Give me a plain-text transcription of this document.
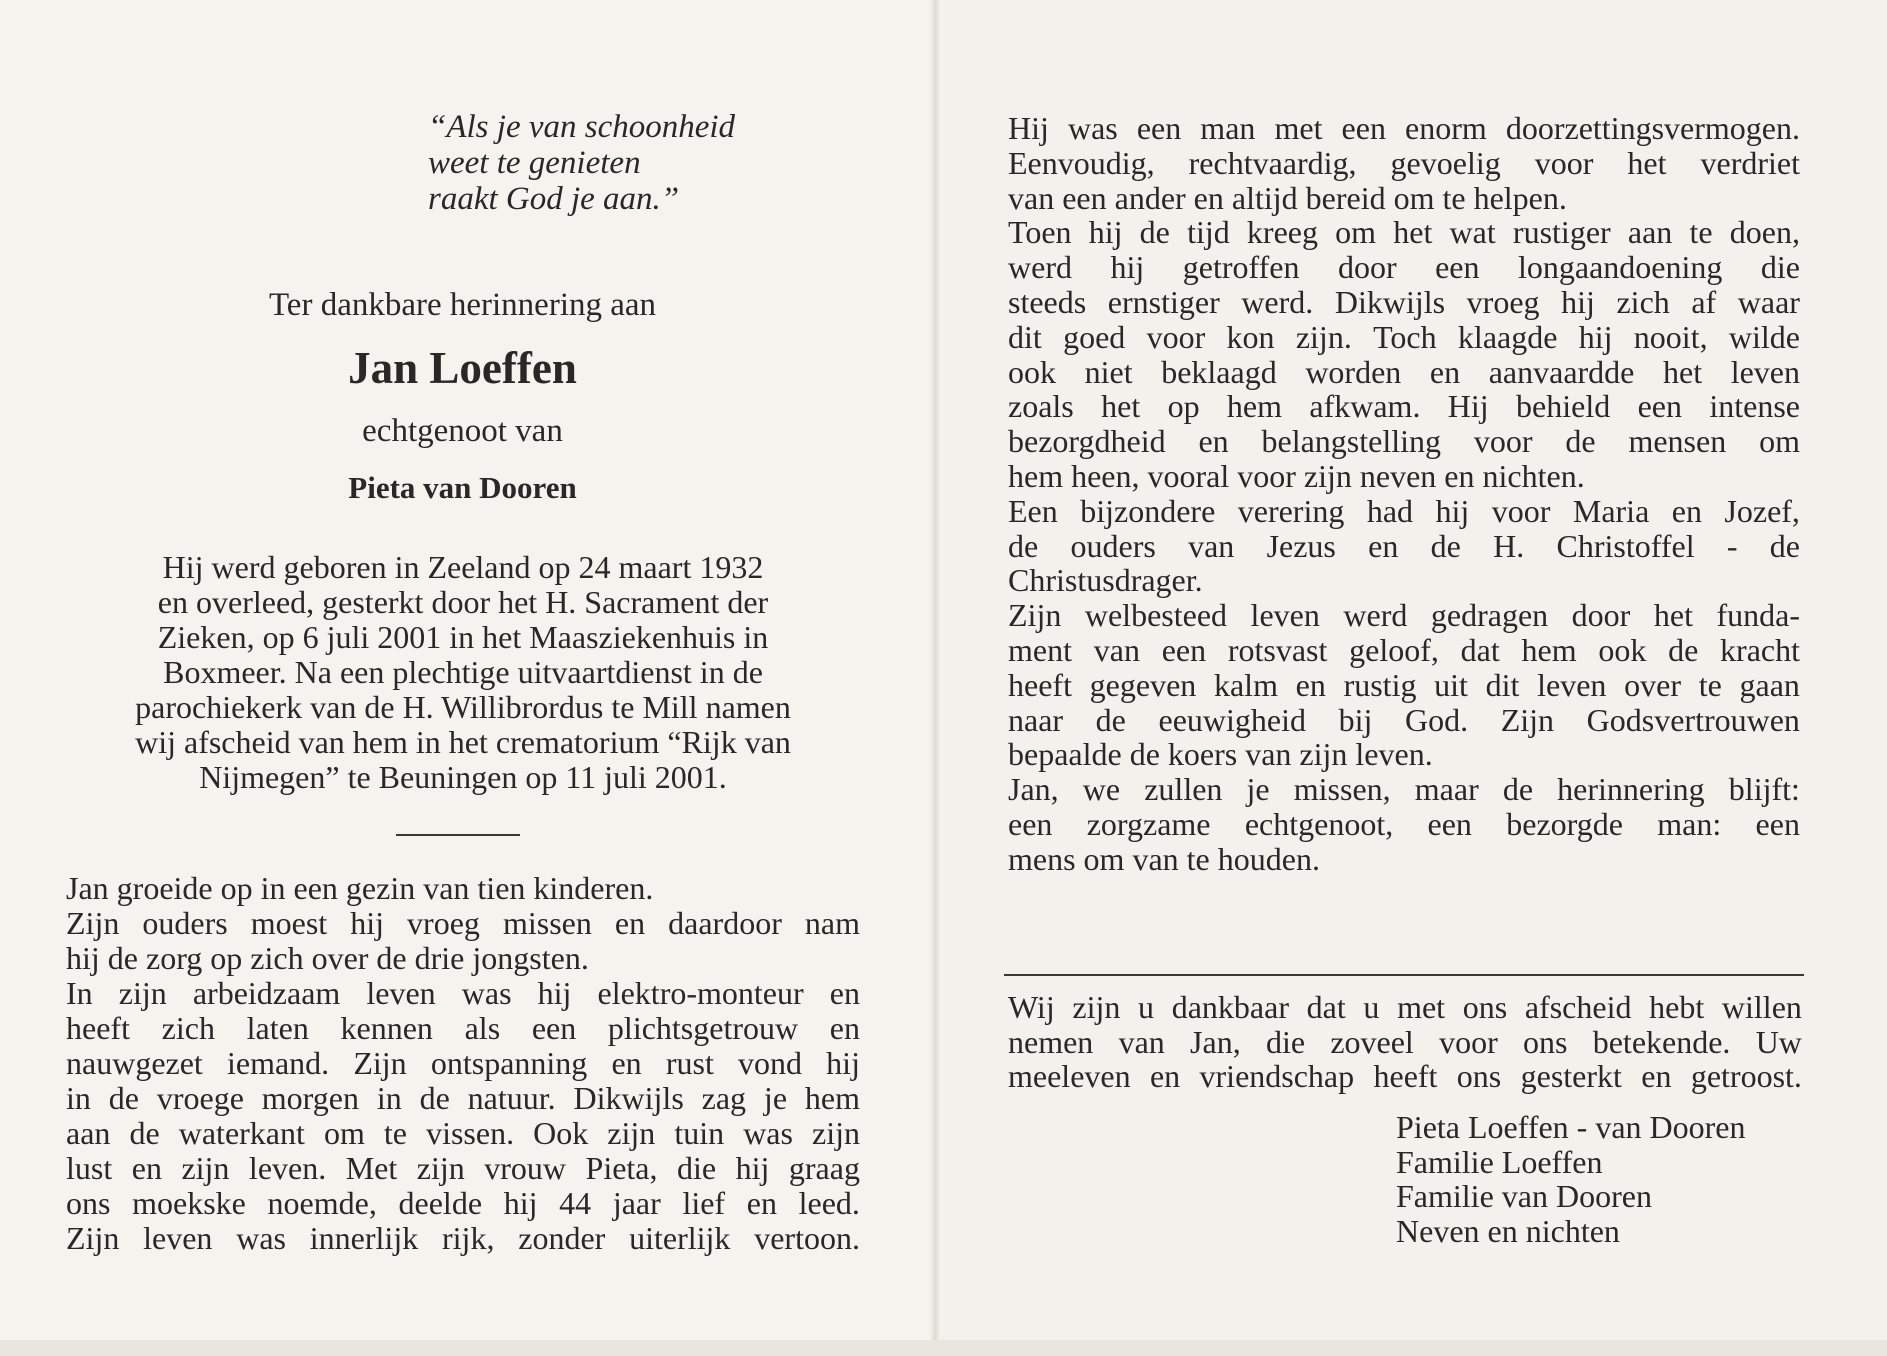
“Als je van schoonheid
weet te genieten
raakt God je aan.”
Ter dankbare herinnering aan
Jan Loeffen
echtgenoot van
Pieta van Dooren
Hij werd geboren in Zeeland op 24 maart 1932
en overleed, gesterkt door het H. Sacrament der
Zieken, op 6 juli 2001 in het Maasziekenhuis in
Boxmeer. Na een plechtige uitvaartdienst in de
parochiekerk van de H. Willibrordus te Mill namen
wij afscheid van hem in het crematorium “Rijk van
Nijmegen” te Beuningen op 11 juli 2001.
Jan groeide op in een gezin van tien kinderen.
Zijn ouders moest hij vroeg missen en daardoor nam
hij de zorg op zich over de drie jongsten.
In zijn arbeidzaam leven was hij elektro-monteur en
heeft zich laten kennen als een plichtsgetrouw en
nauwgezet iemand. Zijn ontspanning en rust vond hij
in de vroege morgen in de natuur. Dikwijls zag je hem
aan de waterkant om te vissen. Ook zijn tuin was zijn
lust en zijn leven. Met zijn vrouw Pieta, die hij graag
ons moekske noemde, deelde hij 44 jaar lief en leed.
Zijn leven was innerlijk rijk, zonder uiterlijk vertoon.
Hij was een man met een enorm doorzettingsvermogen.
Eenvoudig, rechtvaardig, gevoelig voor het verdriet
van een ander en altijd bereid om te helpen.
Toen hij de tijd kreeg om het wat rustiger aan te doen,
werd hij getroffen door een longaandoening die
steeds ernstiger werd. Dikwijls vroeg hij zich af waar
dit goed voor kon zijn. Toch klaagde hij nooit, wilde
ook niet beklaagd worden en aanvaardde het leven
zoals het op hem afkwam. Hij behield een intense
bezorgdheid en belangstelling voor de mensen om
hem heen, vooral voor zijn neven en nichten.
Een bijzondere verering had hij voor Maria en Jozef,
de ouders van Jezus en de H. Christoffel - de
Christusdrager.
Zijn welbesteed leven werd gedragen door het funda-
ment van een rotsvast geloof, dat hem ook de kracht
heeft gegeven kalm en rustig uit dit leven over te gaan
naar de eeuwigheid bij God. Zijn Godsvertrouwen
bepaalde de koers van zijn leven.
Jan, we zullen je missen, maar de herinnering blijft:
een zorgzame echtgenoot, een bezorgde man: een
mens om van te houden.
Wij zijn u dankbaar dat u met ons afscheid hebt willen
nemen van Jan, die zoveel voor ons betekende. Uw
meeleven en vriendschap heeft ons gesterkt en getroost.
Pieta Loeffen - van Dooren
Familie Loeffen
Familie van Dooren
Neven en nichten
